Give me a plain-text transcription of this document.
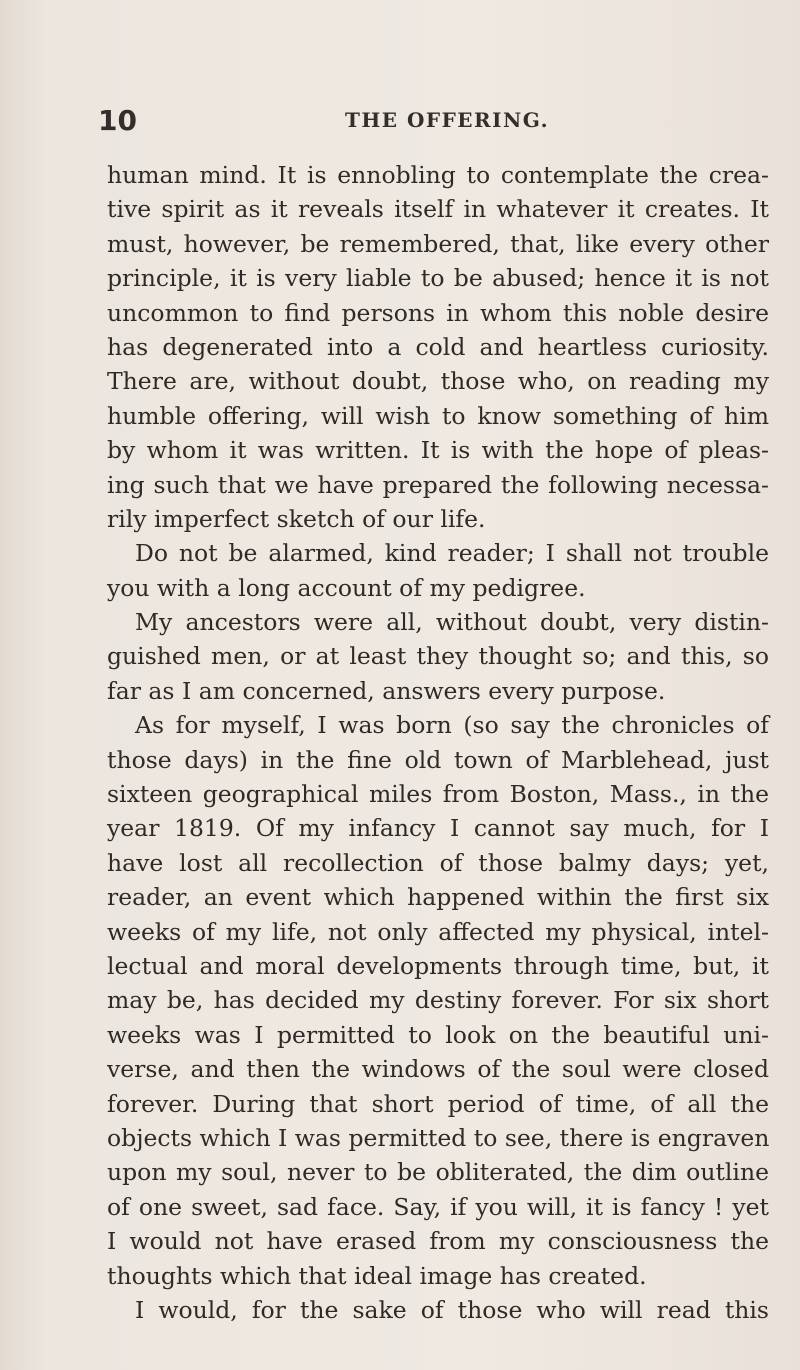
10	THE OFFERING.
human mind. It is ennobling to contemplate the crea-
tive spirit as it reveals itself in whatever it creates. It
must, however, be remembered, that, like every other
principle, it is very liable to be abused; hence it is not
uncommon to find persons in whom this noble desire
has degenerated into a cold and heartless curiosity.
There are, without doubt, those who, on reading my
humble offering, will wish to know something of him
by whom it was written. It is with the hope of pleas-
ing such that we have prepared the following necessa-
rily imperfect sketch of our life.
Do not be alarmed, kind reader; I shall not trouble
you with a long account of my pedigree.
My ancestors were all, without doubt, very distin-
guished men, or at least they thought so; and this, so
far as I am concerned, answers every purpose.
As for myself, I was born (so say the chronicles of
those days) in the fine old town of Marblehead, just
sixteen geographical miles from Boston, Mass., in the
year 1819. Of my infancy I cannot say much, for I
have lost all recollection of those balmy days; yet,
reader, an event which happened within the first six
weeks of my life, not only affected my physical, intel-
lectual and moral developments through time, but, it
may be, has decided my destiny forever. For six short
weeks was I permitted to look on the beautiful uni-
verse, and then the windows of the soul were closed
forever. During that short period of time, of all the
objects which I was permitted to see, there is engraven
upon my soul, never to be obliterated, the dim outline
of one sweet, sad face. Say, if you will, it is fancy ! yet
I would not have erased from my consciousness the
thoughts which that ideal image has created.
I would, for the sake of those who will read this
